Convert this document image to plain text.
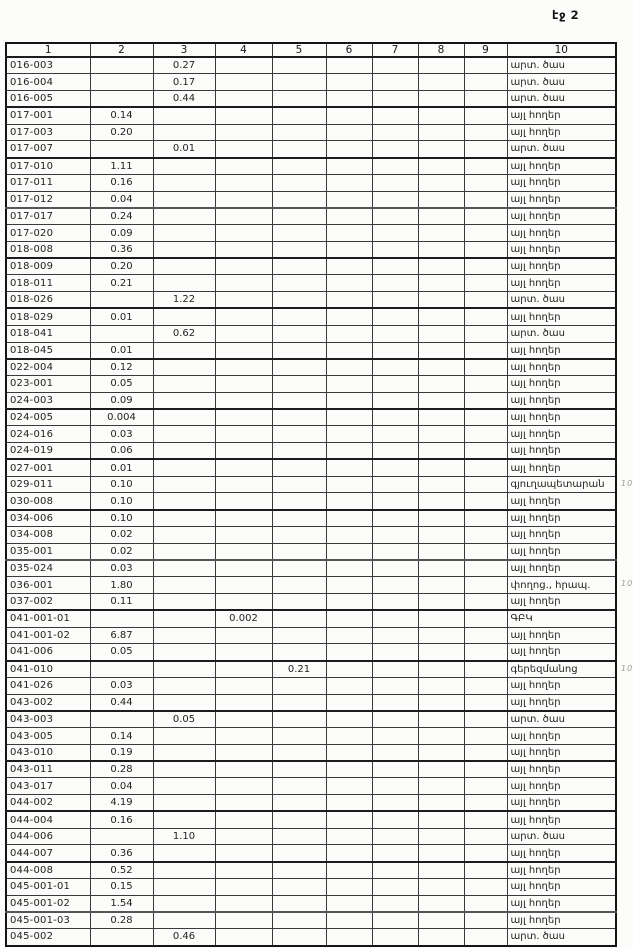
էջ 2
1	2	3	4	5	6	7	8	9	10
016-003		0.27							արտ. ծաս
016-004		0.17							արտ. ծաս
016-005		0.44							արտ. ծաս
017-001	0.14								այլ հողեր
017-003	0.20								այլ հողեր
017-007		0.01							արտ. ծաս
017-010	1.11								այլ հողեր
017-011	0.16								այլ հողեր
017-012	0.04								այլ հողեր
017-017	0.24								այլ հողեր
017-020	0.09								այլ հողեր
018-008	0.36								այլ հողեր
018-009	0.20								այլ հողեր
018-011	0.21								այլ հողեր
018-026		1.22							արտ. ծաս
018-029	0.01								այլ հողեր
018-041		0.62							արտ. ծաս
018-045	0.01								այլ հողեր
022-004	0.12								այլ հողեր
023-001	0.05								այլ հողեր
024-003	0.09								այլ հողեր
024-005	0.004								այլ հողեր
024-016	0.03								այլ հողեր
024-019	0.06								այլ հողեր
027-001	0.01								այլ հողեր
029-011	0.10								գյուղապետարան 10

030-008	0.10								այլ հողեր
034-006	0.10								այլ հողեր
034-008	0.02								այլ հողեր
035-001	0.02								այլ հողեր
035-024	0.03								այլ հողեր
036-001	1.80								փողոց., հրապ. 10

037-002	0.11								այլ հողեր
041-001-01			0.002						ԳԲԿ
041-001-02	6.87								այլ հողեր
041-006	0.05								այլ հողեր
041-010				0.21					գերեզմանոց 10

041-026	0.03								այլ հողեր
043-002	0.44								այլ հողեր
043-003		0.05							արտ. ծաս
043-005	0.14								այլ հողեր
043-010	0.19								այլ հողեր
043-011	0.28								այլ հողեր
043-017	0.04								այլ հողեր
044-002	4.19								այլ հողեր
044-004	0.16								այլ հողեր
044-006		1.10							արտ. ծաս
044-007	0.36								այլ հողեր
044-008	0.52								այլ հողեր
045-001-01	0.15								այլ հողեր
045-001-02	1.54								այլ հողեր
045-001-03	0.28								այլ հողեր
045-002		0.46							արտ. ծաս
